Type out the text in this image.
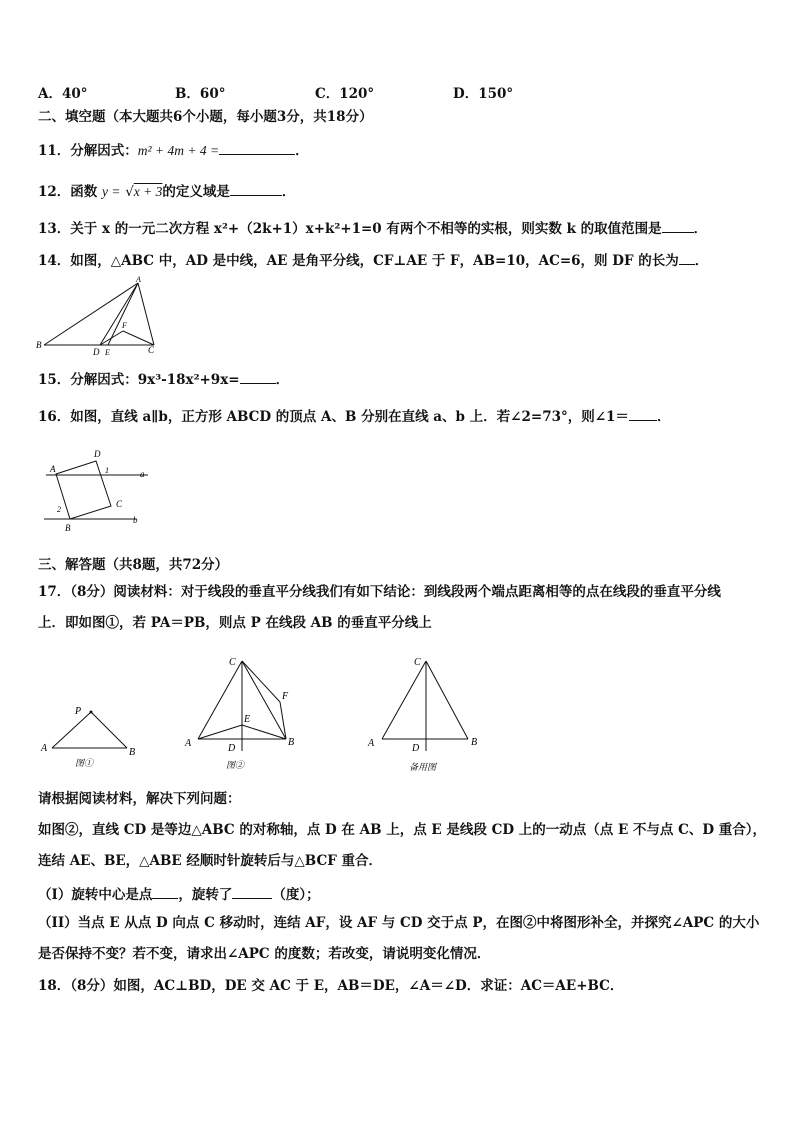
A．40°	B．60°	C．120°	D．150°
二、填空题（本大题共6个小题，每小题3分，共18分）
11．分解因式：m² + 4m + 4 =	．
12．函数 y = √x + 3的定义域是	．
13．关于 x 的一元二次方程 x²+（2k+1）x+k²+1=0 有两个不相等的实根，则实数 k 的取值范围是 ．
14．如图，△ABC 中，AD 是中线，AE 是角平分线，CF⊥AE 于 F，AB=10，AC=6，则 DF 的长为 ．
A
B	C
D E
F
15．分解因式：9x³-18x²+9x=	．
16．如图，直线 a∥b，正方形 ABCD 的顶点 A、B 分别在直线 a、b 上．若∠2=73°，则∠1＝ ．
A
B
C
D
1
2
a
b
三、解答题（共8题，共72分）
17．（8分）阅读材料：对于线段的垂直平分线我们有如下结论：到线段两个端点距离相等的点在线段的垂直平分线
上．即如图①，若 PA＝PB，则点 P 在线段 AB 的垂直平分线上
P
A	B
图①
C
F
E
A	D
B
图②
C
A	D
B
备用图
请根据阅读材料，解决下列问题：
如图②，直线 CD 是等边△ABC 的对称轴，点 D 在 AB 上，点 E 是线段 CD 上的一动点（点 E 不与点 C、D 重合），
连结 AE、BE，△ABE 经顺时针旋转后与△BCF 重合．
（I）旋转中心是点 ，旋转了	（度）；
（II）当点 E 从点 D 向点 C 移动时，连结 AF，设 AF 与 CD 交于点 P，在图②中将图形补全，并探究∠APC 的大小
是否保持不变？若不变，请求出∠APC 的度数；若改变，请说明变化情况．
18．（8分）如图，AC⊥BD，DE 交 AC 于 E，AB＝DE，∠A＝∠D．求证：AC＝AE+BC．
